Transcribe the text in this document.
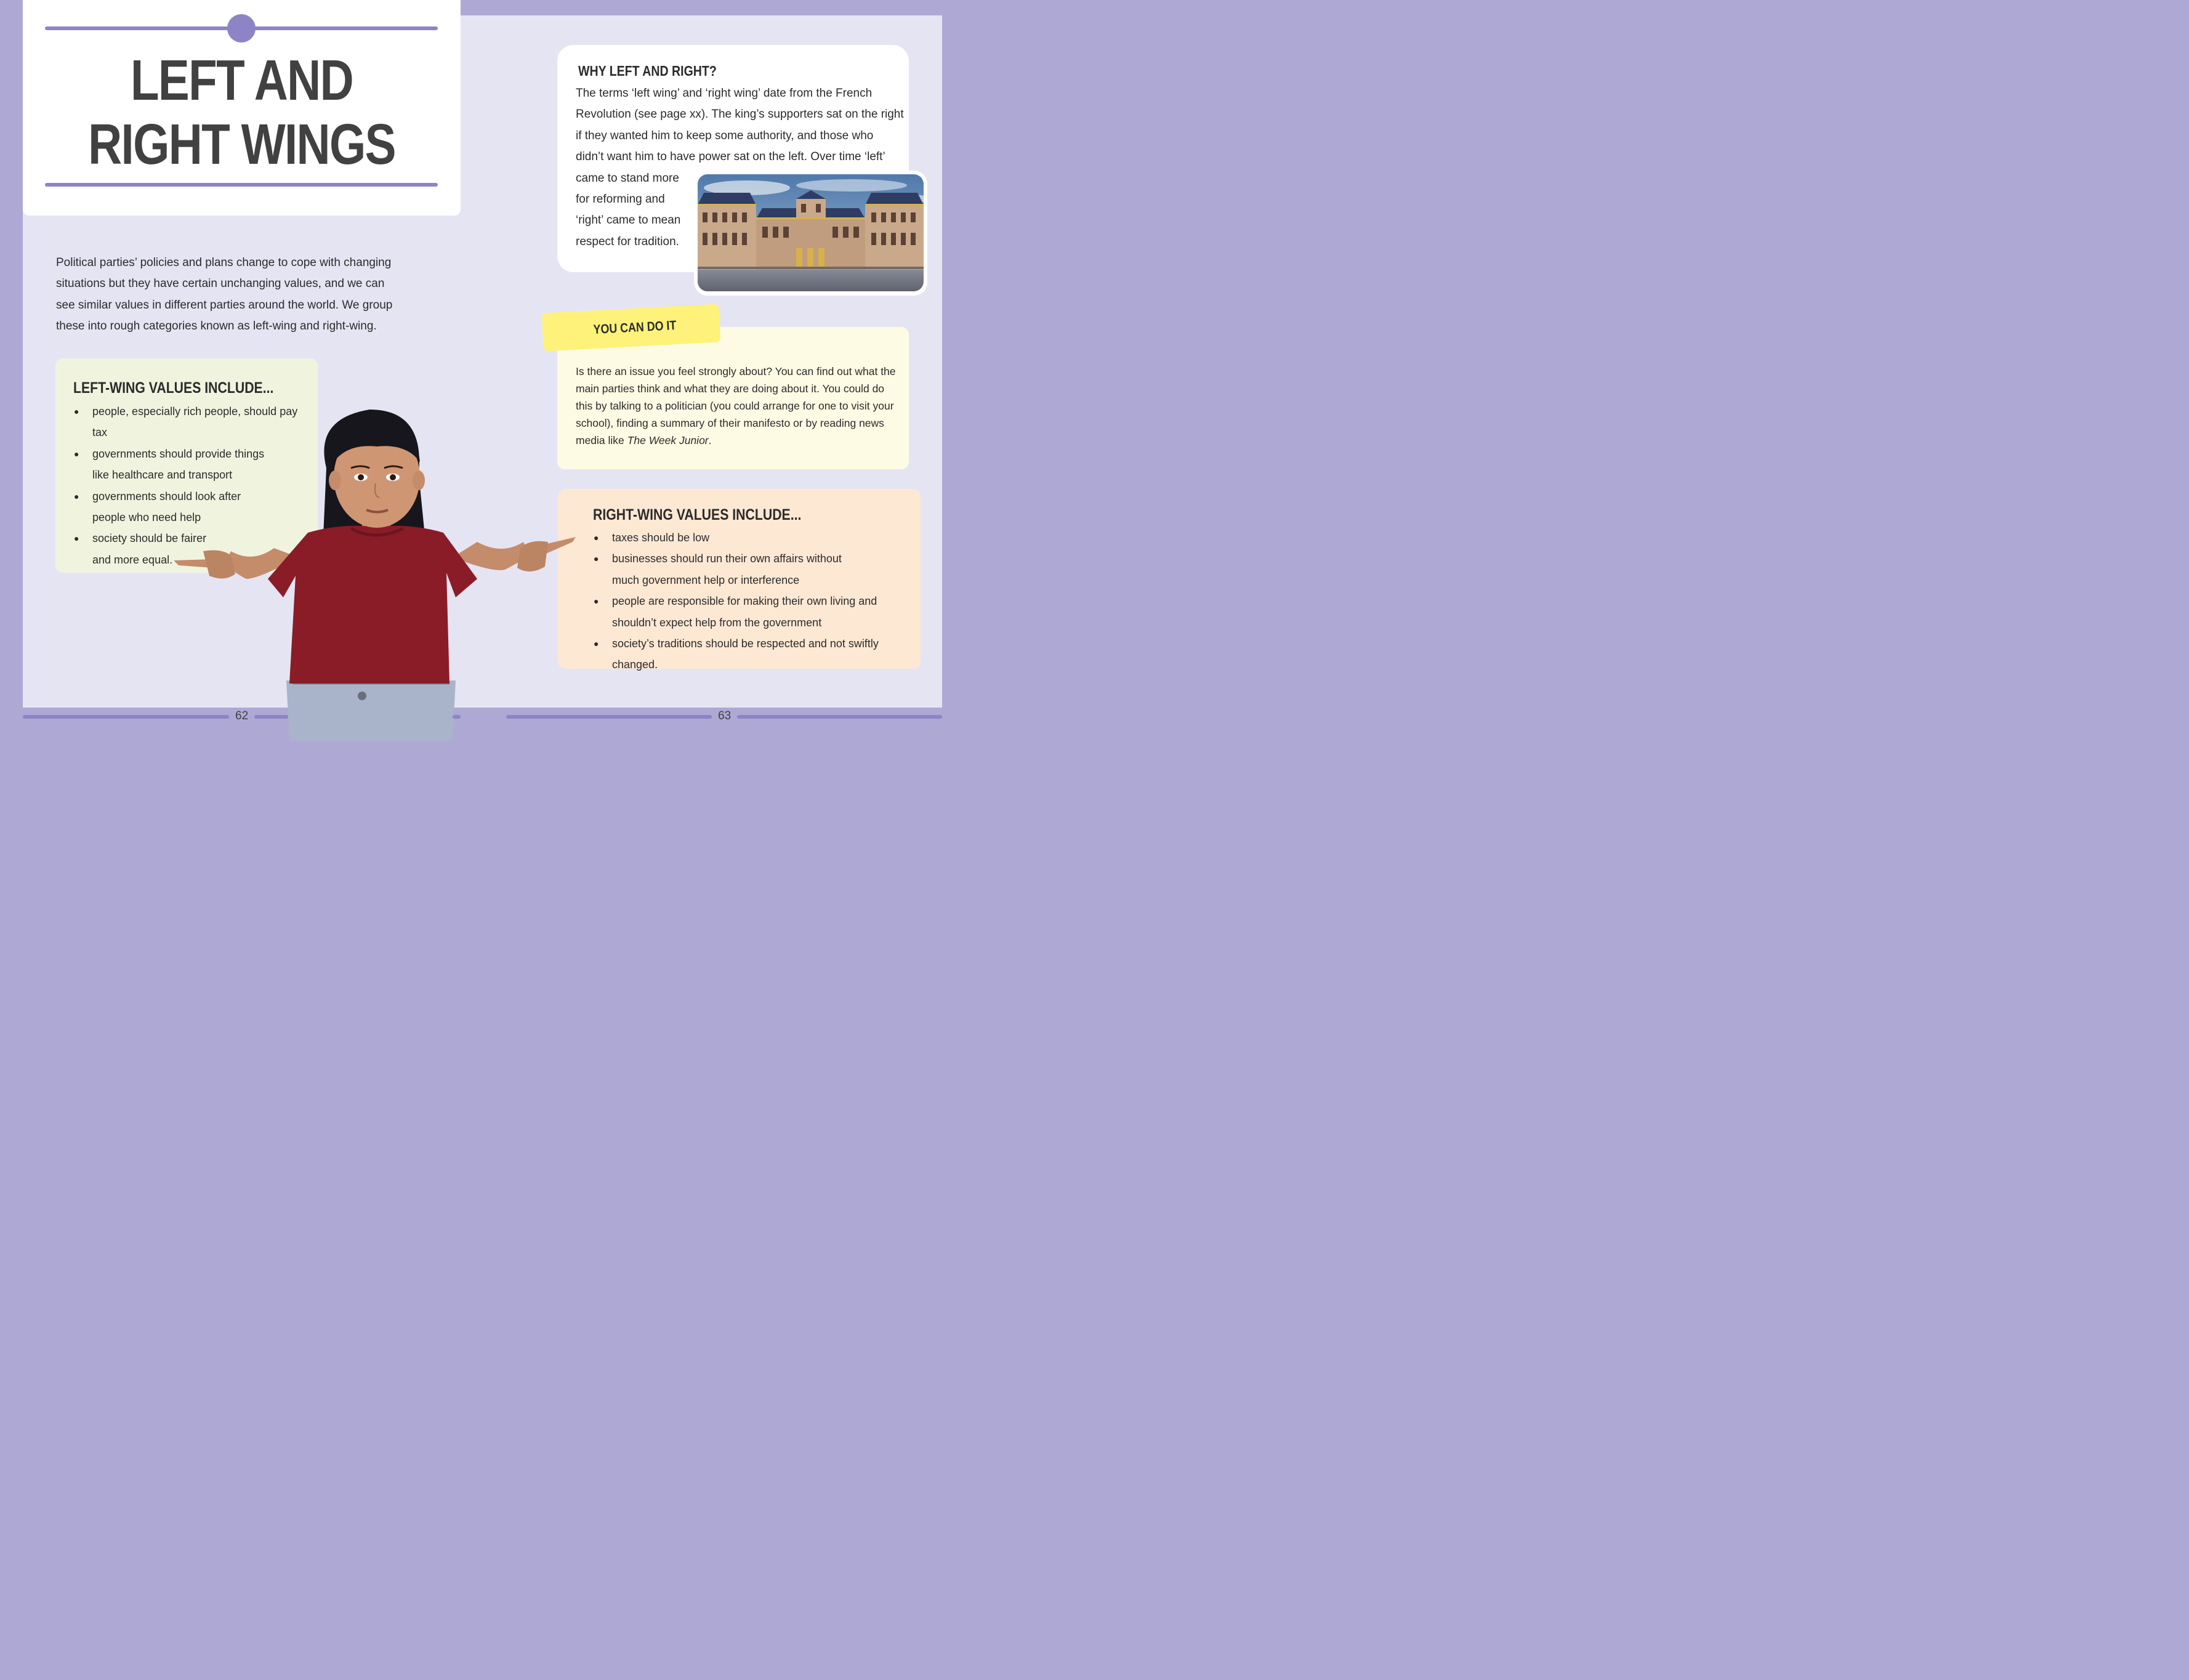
LEFT AND
RIGHT WINGS
Political parties’ policies and plans change to cope with changing situations but they have certain unchanging values, and we can see similar values in different parties around the world. We group these into rough categories known as left-wing and right-wing.
LEFT-WING VALUES INCLUDE...
● people, especially rich people, should pay tax
● governments should provide things like healthcare and transport
● governments should look after people who need help
● society should be fairer and more equal.
WHY LEFT AND RIGHT?
The terms ‘left wing’ and ‘right wing’ date from the French
Revolution (see page xx). The king’s supporters sat on the right
if they wanted him to keep some authority, and those who
didn’t want him to have power sat on the left. Over time ‘left’
came to stand more
for reforming and
‘right’ came to mean
respect for tradition.
YOU CAN DO IT
Is there an issue you feel strongly about? You can find out what the main parties think and what they are doing about it. You could do this by talking to a politician (you could arrange for one to visit your school), finding a summary of their manifesto or by reading news media like The Week Junior.
RIGHT-WING VALUES INCLUDE...
● taxes should be low
● businesses should run their own affairs without much government help or interference
● people are responsible for making their own living and shouldn’t expect help from the government
● society’s traditions should be respected and not swiftly changed.
62	63
